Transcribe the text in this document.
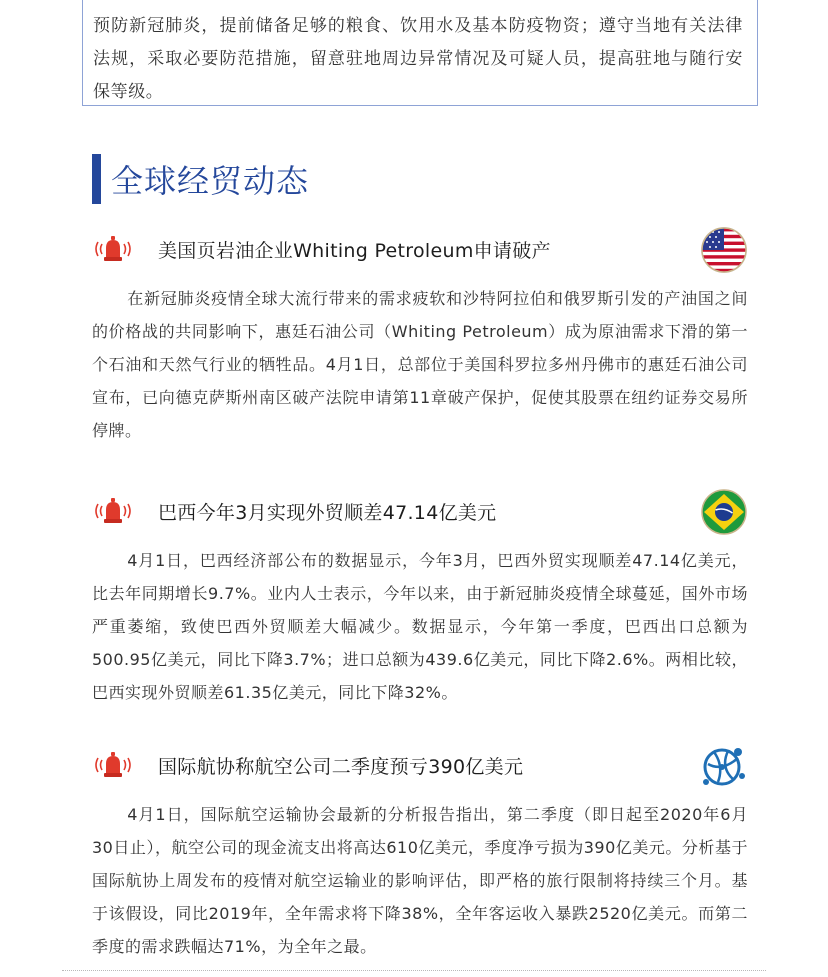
预防新冠肺炎，提前储备足够的粮食、饮用水及基本防疫物资；遵守当地有关法律法规，采取必要防范措施，留意驻地周边异常情况及可疑人员，提高驻地与随行安保等级。

全球经贸动态
美国页岩油企业Whiting Petroleum申请破产

在新冠肺炎疫情全球大流行带来的需求疲软和沙特阿拉伯和俄罗斯引发的产油国之间的价格战的共同影响下，惠廷石油公司（Whiting Petroleum）成为原油需求下滑的第一个石油和天然气行业的牺牲品。4月1日，总部位于美国科罗拉多州丹佛市的惠廷石油公司宣布，已向德克萨斯州南区破产法院申请第11章破产保护，促使其股票在纽约证券交易所停牌。

巴西今年3月实现外贸顺差47.14亿美元

4月1日，巴西经济部公布的数据显示，今年3月，巴西外贸实现顺差47.14亿美元，比去年同期增长9.7%。业内人士表示，今年以来，由于新冠肺炎疫情全球蔓延，国外市场严重萎缩，致使巴西外贸顺差大幅减少。数据显示，今年第一季度，巴西出口总额为500.95亿美元，同比下降3.7%；进口总额为439.6亿美元，同比下降2.6%。两相比较，巴西实现外贸顺差61.35亿美元，同比下降32%。

国际航协称航空公司二季度预亏390亿美元

4月1日，国际航空运输协会最新的分析报告指出，第二季度（即日起至2020年6月30日止），航空公司的现金流支出将高达610亿美元，季度净亏损为390亿美元。分析基于国际航协上周发布的疫情对航空运输业的影响评估，即严格的旅行限制将持续三个月。基于该假设，同比2019年，全年需求将下降38%，全年客运收入暴跌2520亿美元。而第二季度的需求跌幅达71%，为全年之最。
